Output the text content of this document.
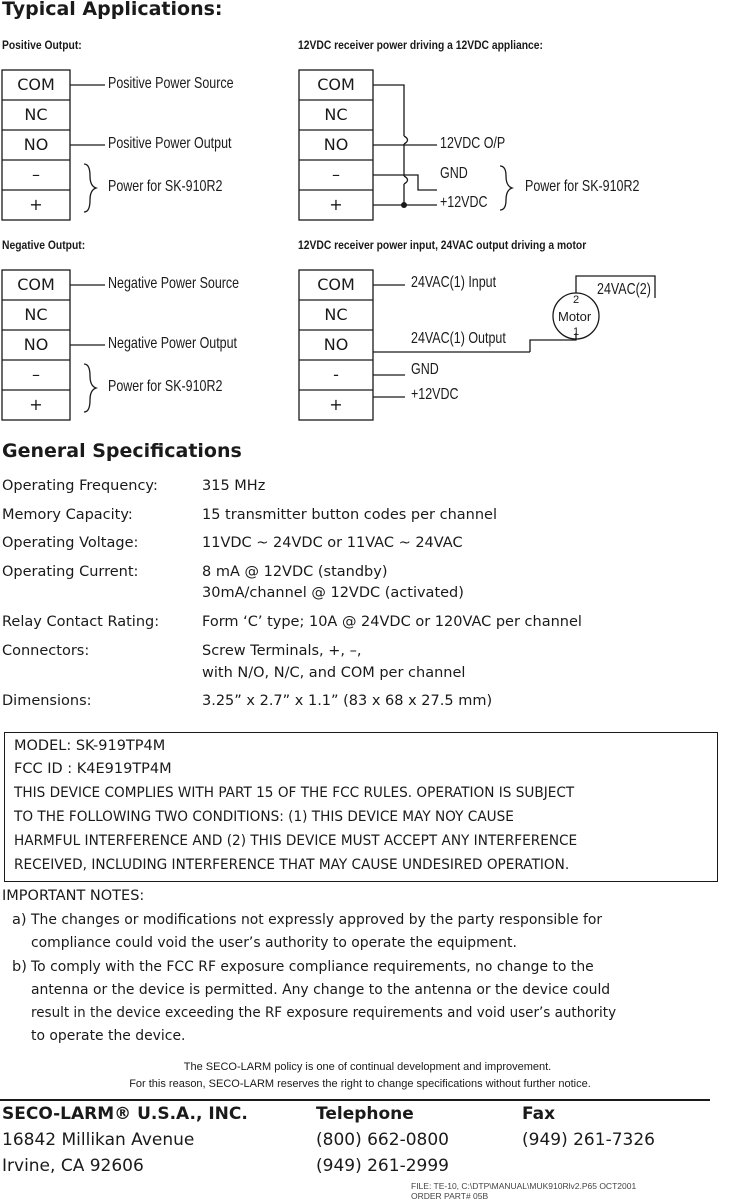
Typical Applications:
Positive Output:	12VDC receiver power driving a 12VDC appliance:
Negative Output:	12VDC receiver power input, 24VAC output driving a motor
COM
NC
NO
–
+
Positive Power Source
Positive Power Output
Power for SK-910R2
COM
NC
NO
–
+
12VDC O/P
GND
+12VDC
Power for SK-910R2
COM
NC
NO
–
+
Negative Power Source
Negative Power Output
Power for SK-910R2
COM
NC
NO
-
+
24VAC(1) Input
24VAC(1) Output
GND
+12VDC
24VAC(2)
Motor
2
1
General Specifications
Operating Frequency:	315 MHz
Memory Capacity:	15 transmitter button codes per channel
Operating Voltage:	11VDC ~ 24VDC or 11VAC ~ 24VAC
Operating Current:	8 mA @ 12VDC (standby)
30mA/channel @ 12VDC (activated)
Relay Contact Rating:	Form ‘C’ type; 10A @ 24VDC or 120VAC per channel
Connectors:	Screw Terminals, +, –,
with N/O, N/C, and COM per channel
Dimensions:	3.25” x 2.7” x 1.1” (83 x 68 x 27.5 mm)
MODEL: SK-919TP4M
FCC ID : K4E919TP4M
THIS DEVICE COMPLIES WITH PART 15 OF THE FCC RULES. OPERATION IS SUBJECT
TO THE FOLLOWING TWO CONDITIONS: (1) THIS DEVICE MAY NOY CAUSE
HARMFUL INTERFERENCE AND (2) THIS DEVICE MUST ACCEPT ANY INTERFERENCE
RECEIVED, INCLUDING INTERFERENCE THAT MAY CAUSE UNDESIRED OPERATION.
IMPORTANT NOTES:
a) The changes or modifications not expressly approved by the party responsible for
compliance could void the user’s authority to operate the equipment.
b) To comply with the FCC RF exposure compliance requirements, no change to the
antenna or the device is permitted. Any change to the antenna or the device could
result in the device exceeding the RF exposure requirements and void user’s authority
to operate the device.
The SECO-LARM policy is one of continual development and improvement.
For this reason, SECO-LARM reserves the right to change specifications without further notice.
SECO-LARM® U.S.A., INC.
16842 Millikan Avenue
Irvine, CA 92606
Telephone
(800) 662-0800
(949) 261-2999
Fax
(949) 261-7326
FILE: TE-10, C:\DTP\MANUAL\MUK910Rlv2.P65 OCT2001
ORDER PART# 05B
